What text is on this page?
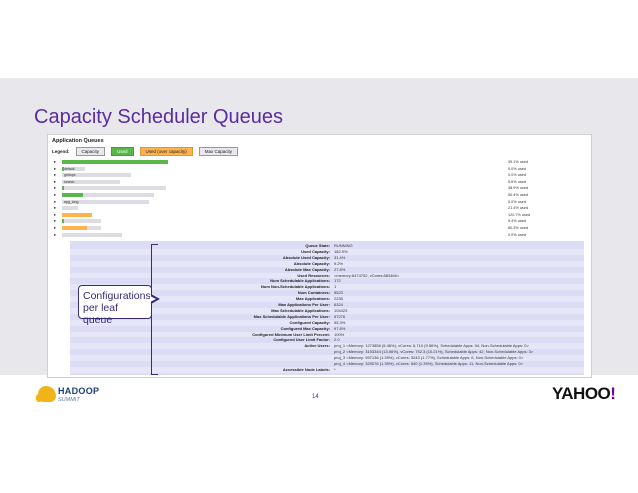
Capacity Scheduler Queues
Application Queues
Legend:	Capacity	Used	Used (over capacity)	Max Capacity
▸	39.1% used
▸ default	0.0% used
▸ gridops	0.0% used
▸ search	5.6% used
▸	38.9% used
▸	50.4% used
▸ apg_long	0.0% used
▸	21.4% used
▸	120.7% used
▸	9.4% used
▸	80.3% used
▸	0.0% used
Queue State: RUNNING
Used Capacity: 182.9%
Absolute Used Capacity: 31.4%
Absolute Capacity: 9.2%
Absolute Max Capacity: 27.8%
Used Resources: <memory:6474752, vCores:883466>
Num Schedulable Applications: 172
Num Non-Schedulable Applications: 1
Num Containers: 5523
Max Applications: 2235
Max Applications Per User: 6324
Max Schedulable Applications: 104423
Max Schedulable Applications Per User: 57276
Configured Capacity: 55.3%
Configured Max Capacity: 97.8%
Configured Minimum User Limit Percent: 100%
Configured User Limit Factor: 2.0
Active Users: proj_1 <Memory: 1273856 (5.48%), vCores: 6,710 (9.56%), Schedulable Apps: 94, Non-Schedulable Apps: 0>
proj_2 <Memory: 3153344 (13.56%), vCores: 752.3 (10.21%), Schedulable Apps: 42, Non-Schedulable Apps: 3>
proj_3 <Memory: 997136 (1.39%), vCores: 3243 (1.77%), Schedulable Apps: 6, Non-Schedulable Apps: 0>
proj_4 <Memory: 329076 (1.39%), vCores: 540 (1.39%), Schedulable Apps: 11, Non-Schedulable Apps: 0>
Accessible Node Labels: *
Configurations per leaf queue
HADOOP
SUMMIT	14	YAHOO!
